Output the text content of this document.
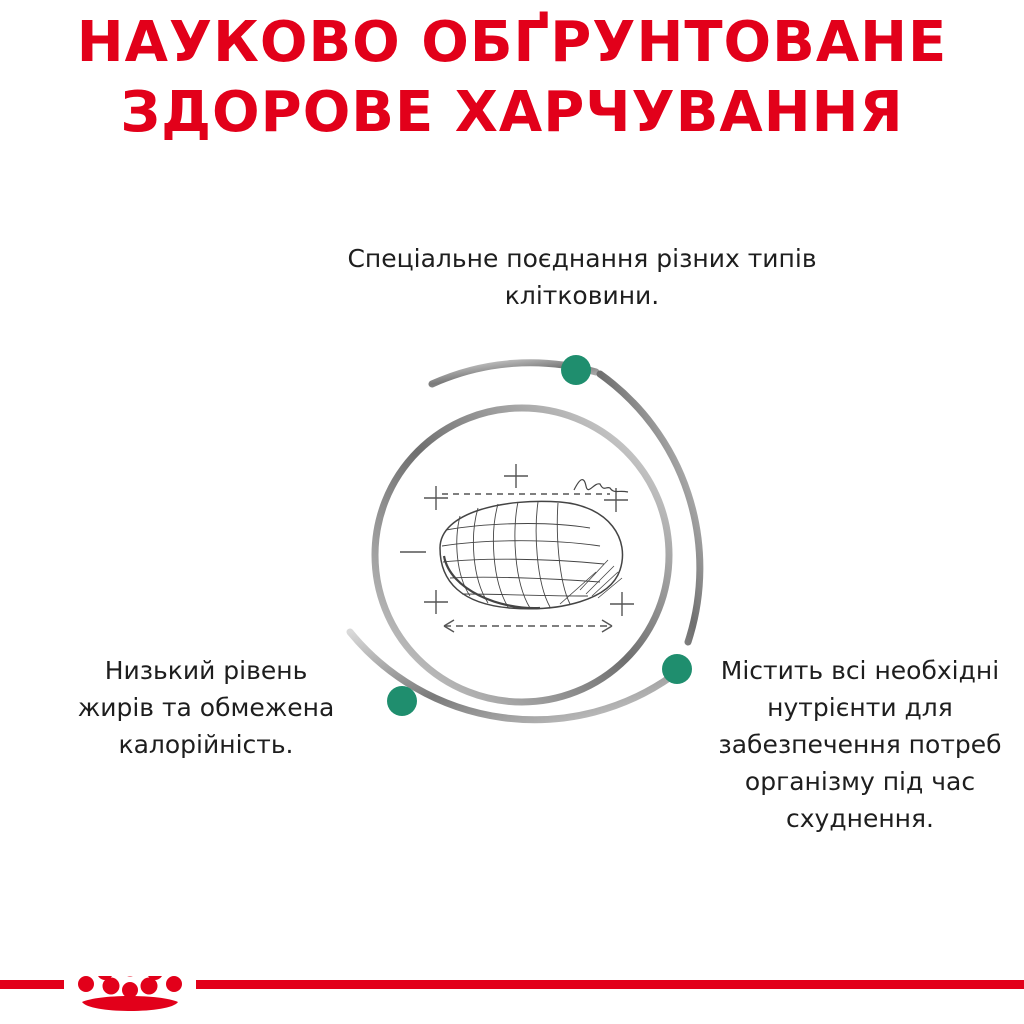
НАУКОВО ОБҐРУНТОВАНЕ
ЗДОРОВЕ ХАРЧУВАННЯ

Спеціальне поєднання різних типів
клітковини.

Низький рівень
жирів та обмежена
калорійність.

Містить всі необхідні
нутрієнти для
забезпечення потреб
організму під час
схуднення.
